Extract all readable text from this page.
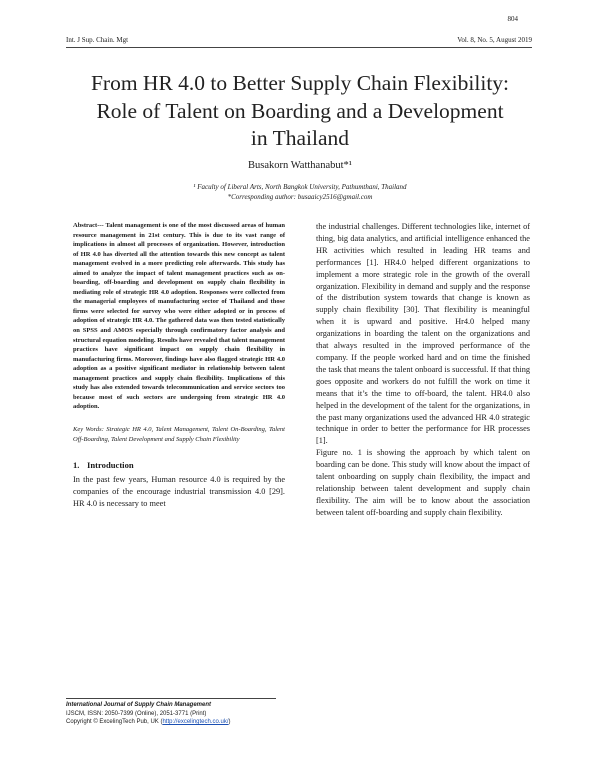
804
Int. J Sup. Chain. Mgt	Vol. 8, No. 5, August 2019
From HR 4.0 to Better Supply Chain Flexibility:
Role of Talent on Boarding and a Development
in Thailand
Busakorn Watthanabut*¹
¹ Faculty of Liberal Arts, North Bangkok University, Pathumthani, Thailand
*Corresponding author: busaaicy2516@gmail.com

Abstract--- Talent management is one of the most discussed areas of human resource management in 21st century. This is due to its vast range of implications in almost all processes of organization. However, introduction of HR 4.0 has diverted all the attention towards this new concept as talent management evolved in a more predicting role afterwards. This study has aimed to analyze the impact of talent management practices such as on-boarding, off-boarding and development on supply chain flexibility in mediating role of strategic HR 4.0 adoption. Responses were collected from the managerial employees of manufacturing sector of Thailand and those firms were selected for survey who were either adopted or in process of adoption of strategic HR 4.0. The gathered data was then tested statistically on SPSS and AMOS especially through confirmatory factor analysis and structural equation modeling. Results have revealed that talent management practices have significant impact on supply chain flexibility in manufacturing firms. Moreover, findings have also flagged strategic HR 4.0 adoption as a positive significant mediator in relationship between talent management practices and supply chain flexibility. Implications of this study has also extended towards telecommunication and service sectors too because most of such sectors are undergoing from strategic HR 4.0 adoption.

Key Words: Strategic HR 4.0, Talent Management, Talent On-Boarding, Talent Off-Boarding, Talent Development and Supply Chain Flexibility

1. Introduction

In the past few years, Human resource 4.0 is required by the companies of the encourage industrial transmission 4.0 [29]. HR 4.0 is necessary to meet

the industrial challenges. Different technologies like, internet of thing, big data analytics, and artificial intelligence enhanced the HR activities which resulted in leading HR teams and performances [1]. HR4.0 helped different organizations to implement a more strategic role in the growth of the overall organization. Flexibility in demand and supply and the response of the distribution system towards that change is known as supply chain flexibility [30]. That flexibility is meaningful when it is upward and positive. Hr4.0 helped many organizations in boarding the talent on the organizations and that always resulted in the improved performance of the company. If the people worked hard and on time the finished the task that means the talent onboard is successful. If that thing goes opposite and workers do not fulfill the work on time it means that it’s the time to off-board, the talent. HR4.0 also helped in the development of the talent for the organizations, in the past many organizations used the advanced HR 4.0 strategic technique in order to better the performance for HR processes [1].

Figure no. 1 is showing the approach by which talent on boarding can be done. This study will know about the impact of talent onboarding on supply chain flexibility, the impact and relationship between talent development and supply chain flexibility. The aim will be to know about the association between talent off-boarding and supply chain flexibility.

International Journal of Supply Chain Management
IJSCM, ISSN: 2050-7399 (Online), 2051-3771 (Print)
Copyright © ExcelingTech Pub, UK (http://excelingtech.co.uk/)
